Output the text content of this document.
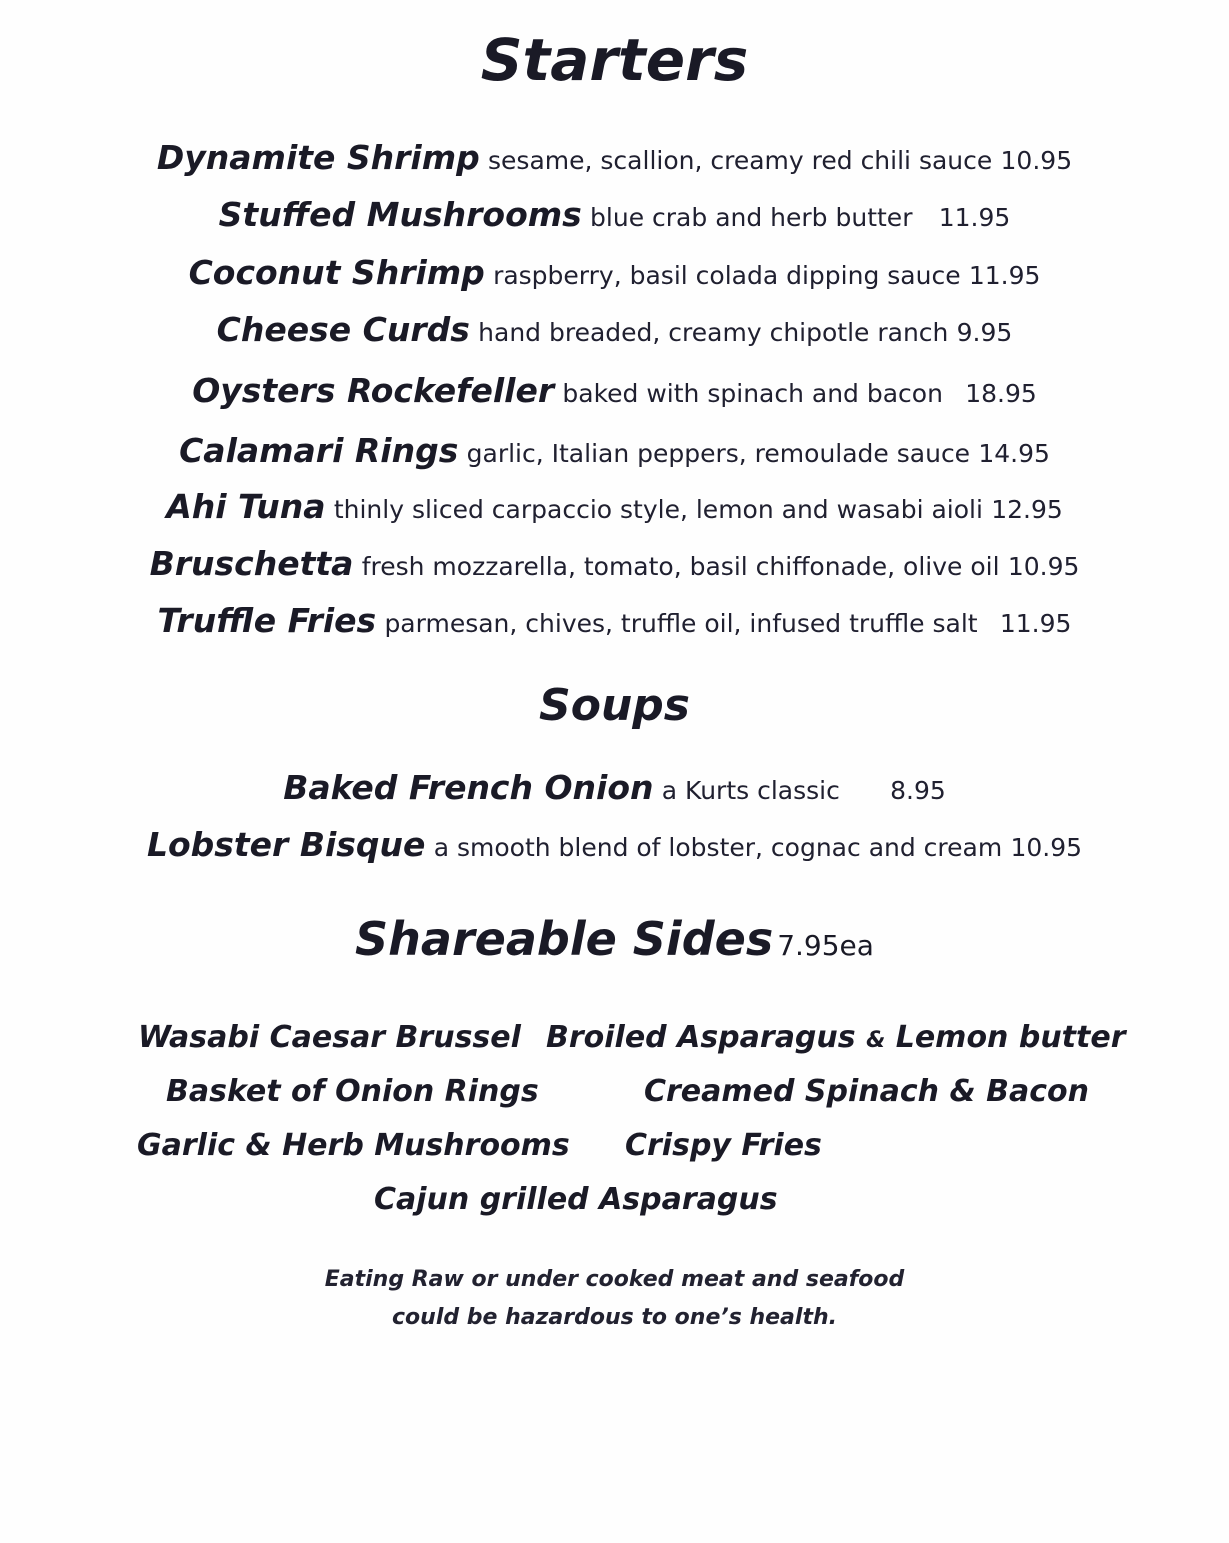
Starters
Dynamite Shrimp sesame, scallion, creamy red chili sauce 10.95
Stuffed Mushrooms blue crab and herb butter 11.95
Coconut Shrimp raspberry, basil colada dipping sauce 11.95
Cheese Curds hand breaded, creamy chipotle ranch 9.95
Oysters Rockefeller baked with spinach and bacon 18.95
Calamari Rings garlic, Italian peppers, remoulade sauce 14.95
Ahi Tuna thinly sliced carpaccio style, lemon and wasabi aioli 12.95
Bruschetta fresh mozzarella, tomato, basil chiffonade, olive oil 10.95
Truffle Fries parmesan, chives, truffle oil, infused truffle salt 11.95
Soups
Baked French Onion a Kurts classic 8.95
Lobster Bisque a smooth blend of lobster, cognac and cream 10.95
Shareable Sides 7.95ea
Wasabi Caesar Brussel Broiled Asparagus & Lemon butter
Basket of Onion Rings	Creamed Spinach & Bacon
Garlic & Herb Mushrooms Crispy Fries
Cajun grilled Asparagus
Eating Raw or under cooked meat and seafood
could be hazardous to one’s health.
